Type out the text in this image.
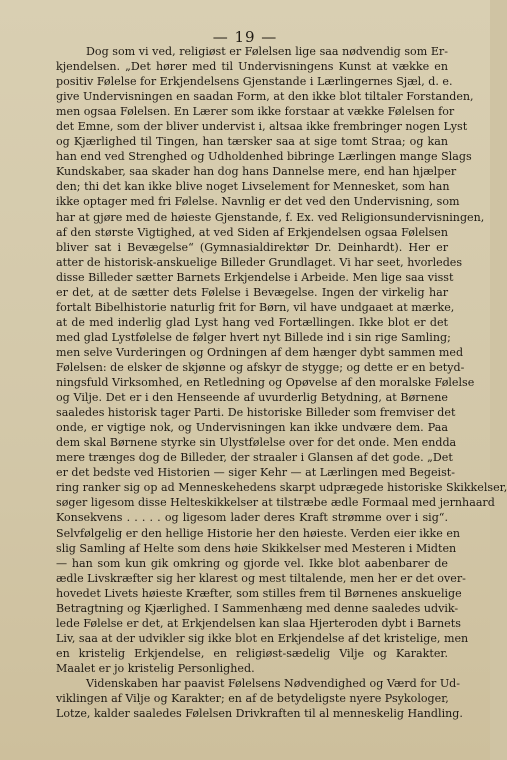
— 19 —
Dog som vi ved, religiøst er Følelsen lige saa nødvendig som Er-
kjendelsen. „Det hører med til Undervisningens Kunst at vække en
positiv Følelse for Erkjendelsens Gjenstande i Lærlingernes Sjæl, d. e.
give Undervisningen en saadan Form, at den ikke blot tiltaler Forstanden,
men ogsaa Følelsen. En Lærer som ikke forstaar at vække Følelsen for
det Emne, som der bliver undervist i, altsaa ikke frembringer nogen Lyst
og Kjærlighed til Tingen, han tærsker saa at sige tomt Straa; og kan
han end ved Strenghed og Udholdenhed bibringe Lærlingen mange Slags
Kundskaber, saa skader han dog hans Dannelse mere, end han hjælper
den; thi det kan ikke blive noget Livselement for Mennesket, som han
ikke optager med fri Følelse. Navnlig er det ved den Undervisning, som
har at gjøre med de høieste Gjenstande, f. Ex. ved Religionsundervisningen,
af den største Vigtighed, at ved Siden af Erkjendelsen ogsaa Følelsen
bliver sat i Bevægelse“ (Gymnasialdirektør Dr. Deinhardt). Her er
atter de historisk-anskuelige Billeder Grundlaget. Vi har seet, hvorledes
disse Billeder sætter Barnets Erkjendelse i Arbeide. Men lige saa visst
er det, at de sætter dets Følelse i Bevægelse. Ingen der virkelig har
fortalt Bibelhistorie naturlig frit for Børn, vil have undgaaet at mærke,
at de med inderlig glad Lyst hang ved Fortællingen. Ikke blot er det
med glad Lystfølelse de følger hvert nyt Billede ind i sin rige Samling;
men selve Vurderingen og Ordningen af dem hænger dybt sammen med
Følelsen: de elsker de skjønne og afskyr de stygge; og dette er en betyd-
ningsfuld Virksomhed, en Retledning og Opøvelse af den moralske Følelse
og Vilje. Det er i den Henseende af uvurderlig Betydning, at Børnene
saaledes historisk tager Parti. De historiske Billeder som fremviser det
onde, er vigtige nok, og Undervisningen kan ikke undvære dem. Paa
dem skal Børnene styrke sin Ulystfølelse over for det onde. Men endda
mere trænges dog de Billeder, der straaler i Glansen af det gode. „Det
er det bedste ved Historien — siger Kehr — at Lærlingen med Begeist-
ring ranker sig op ad Menneskehedens skarpt udprægede historiske Skikkelser,
søger ligesom disse Helteskikkelser at tilstræbe ædle Formaal med jernhaard
Konsekvens . . . . . og ligesom lader deres Kraft strømme over i sig“.
Selvfølgelig er den hellige Historie her den høieste. Verden eier ikke en
slig Samling af Helte som dens høie Skikkelser med Mesteren i Midten
— han som kun gik omkring og gjorde vel. Ikke blot aabenbarer de
ædle Livskræfter sig her klarest og mest tiltalende, men her er det over-
hovedet Livets høieste Kræfter, som stilles frem til Børnenes anskuelige
Betragtning og Kjærlighed. I Sammenhæng med denne saaledes udvik-
lede Følelse er det, at Erkjendelsen kan slaa Hjerteroden dybt i Barnets
Liv, saa at der udvikler sig ikke blot en Erkjendelse af det kristelige, men
en kristelig Erkjendelse, en religiøst-sædelig Vilje og Karakter.
Maalet er jo kristelig Personlighed.
Videnskaben har paavist Følelsens Nødvendighed og Værd for Ud-
viklingen af Vilje og Karakter; en af de betydeligste nyere Psykologer,
Lotze, kalder saaledes Følelsen Drivkraften til al menneskelig Handling.
